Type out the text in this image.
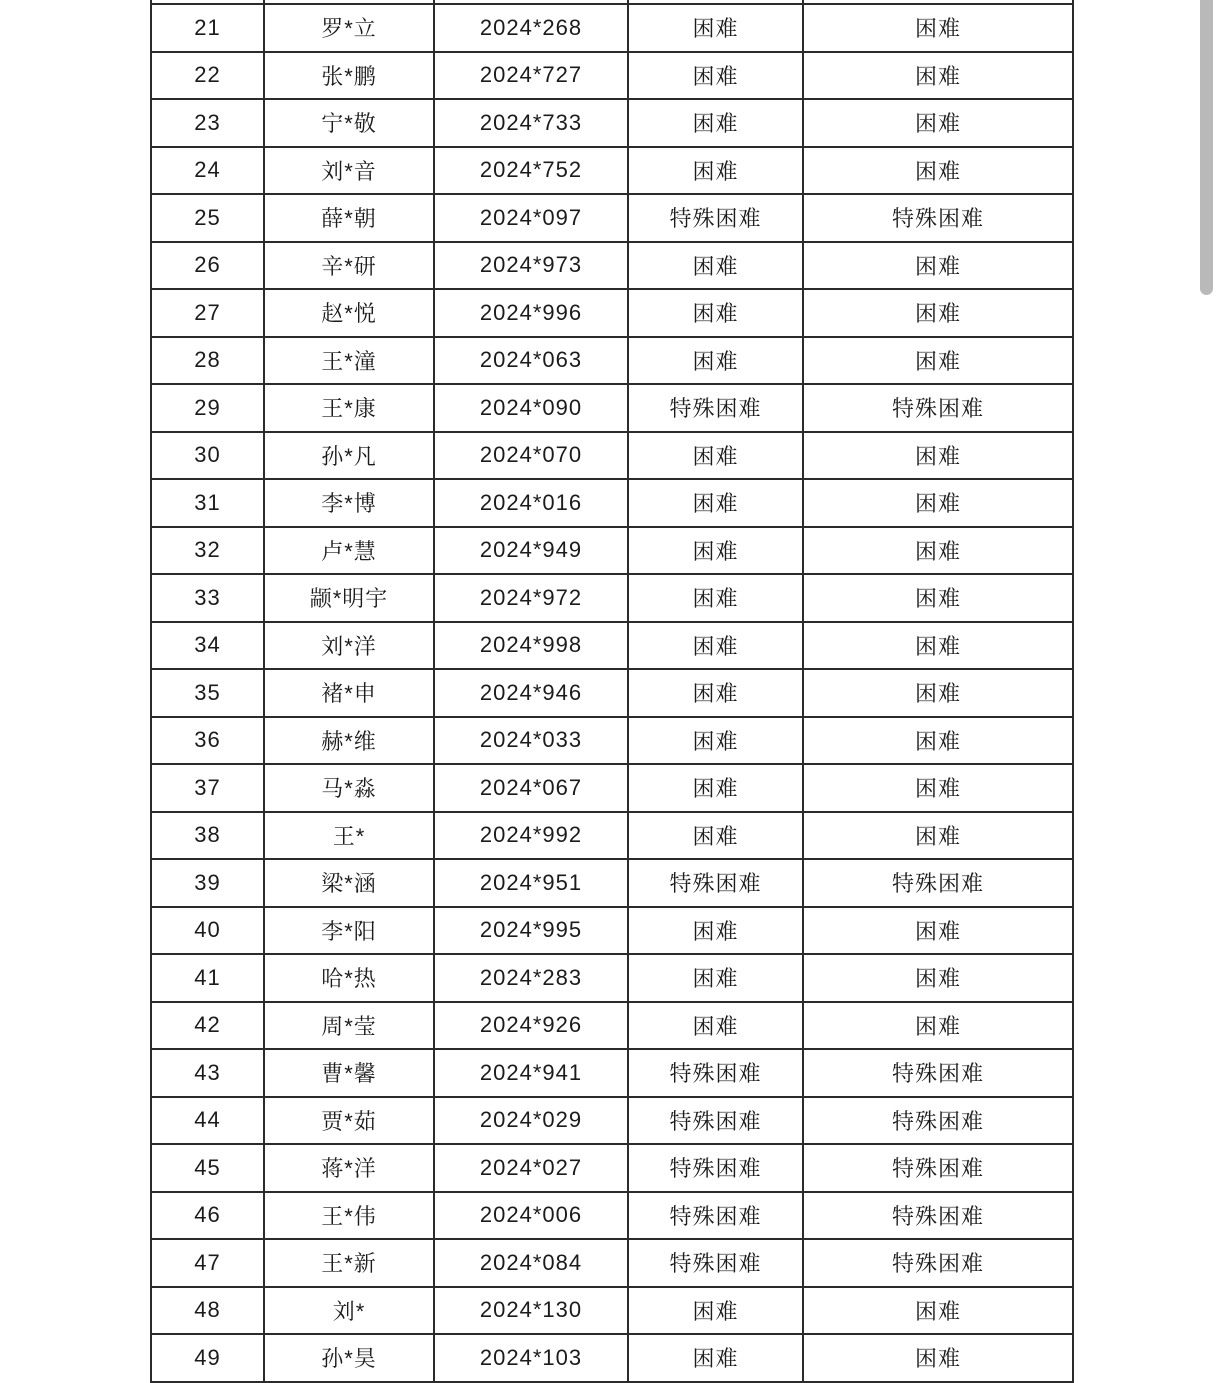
21	罗*立	2024*268	困难	困难
22	张*鹏	2024*727	困难	困难
23	宁*敬	2024*733	困难	困难
24	刘*音	2024*752	困难	困难
25	薛*朝	2024*097	特殊困难	特殊困难
26	辛*研	2024*973	困难	困难
27	赵*悦	2024*996	困难	困难
28	王*潼	2024*063	困难	困难
29	王*康	2024*090	特殊困难	特殊困难
30	孙*凡	2024*070	困难	困难
31	李*博	2024*016	困难	困难
32	卢*慧	2024*949	困难	困难
33	颛*明宇	2024*972	困难	困难
34	刘*洋	2024*998	困难	困难
35	褚*申	2024*946	困难	困难
36	赫*维	2024*033	困难	困难
37	马*淼	2024*067	困难	困难
38	王*	2024*992	困难	困难
39	梁*涵	2024*951	特殊困难	特殊困难
40	李*阳	2024*995	困难	困难
41	哈*热	2024*283	困难	困难
42	周*莹	2024*926	困难	困难
43	曹*馨	2024*941	特殊困难	特殊困难
44	贾*茹	2024*029	特殊困难	特殊困难
45	蒋*洋	2024*027	特殊困难	特殊困难
46	王*伟	2024*006	特殊困难	特殊困难
47	王*新	2024*084	特殊困难	特殊困难
48	刘*	2024*130	困难	困难
49	孙*昊	2024*103	困难	困难
